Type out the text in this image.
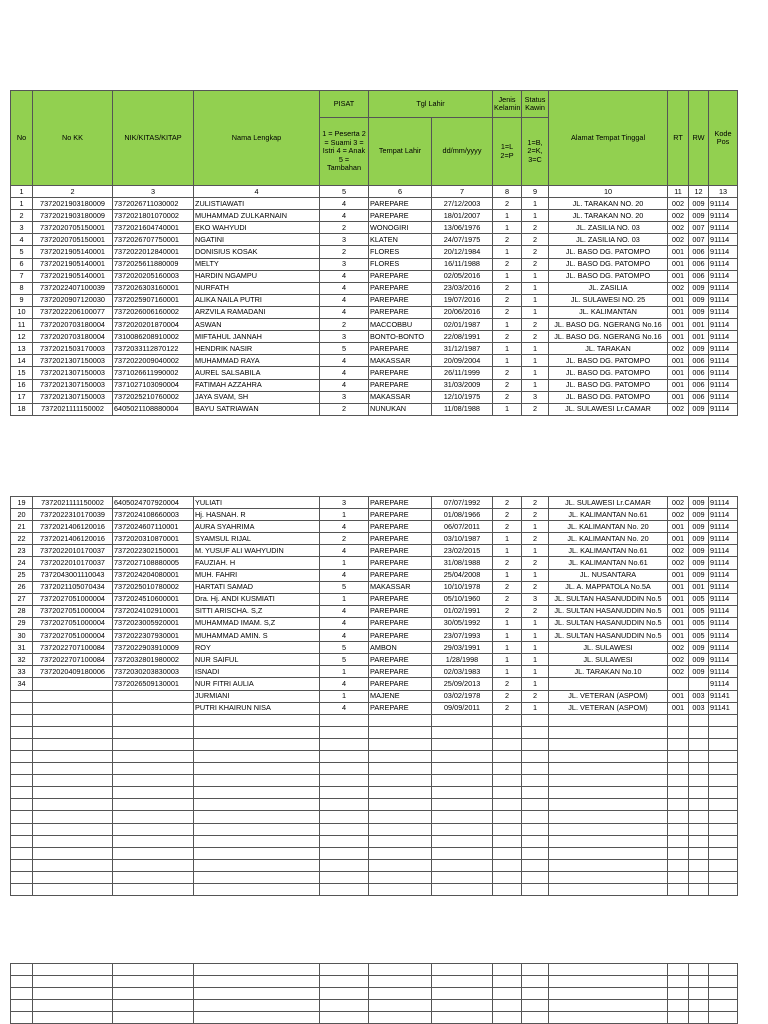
No	No KK	NIK/KITAS/KITAP	Nama Lengkap	PISAT	Tgl Lahir		Jenis Kelamin	Status Kawin	Alamat Tempat Tinggal	RT	RW	Kode Pos
				1 = Peserta 2 = Suami 3 = Istri 4 = Anak 5 = Tambahan	Tempat Lahir	dd/mm/yyyy	1=L 2=P	1=B, 2=K, 3=C				
1	2	3	4	5	6	7	8	9	10	11	12	13
1	7372021903180009	7372026711030002	ZULISTIAWATI	4	PAREPARE	27/12/2003	2	1	JL. TARAKAN NO. 20	002	009	91114
2	7372021903180009	7372021801070002	MUHAMMAD ZULKARNAIN	4	PAREPARE	18/01/2007	1	1	JL. TARAKAN NO. 20	002	009	91114
3	7372020705150001	7372021604740001	EKO WAHYUDI	2	WONOGIRI	13/06/1976	1	2	JL. ZASILIA NO. 03	002	007	91114
4	7372020705150001	7372026707750001	NGATINI	3	KLATEN	24/07/1975	2	2	JL. ZASILIA NO. 03	002	007	91114
5	7372021905140001	7372022012840001	DONISIUS KOSAK	2	FLORES	20/12/1984	1	2	JL. BASO DG. PATOMPO	001	006	91114
6	7372021905140001	7372025611880009	MELTY	3	FLORES	16/11/1988	2	2	JL. BASO DG. PATOMPO	001	006	91114
7	7372021905140001	7372020205160003	HARDIN NGAMPU	4	PAREPARE	02/05/2016	1	1	JL. BASO DG. PATOMPO	001	006	91114
8	7372022407100039	7372026303160001	NURFATH	4	PAREPARE	23/03/2016	2	1	JL. ZASILIA	002	009	91114
9	7372020907120030	7372025907160001	ALIKA NAILA PUTRI	4	PAREPARE	19/07/2016	2	1	JL. SULAWESI NO. 25	001	009	91114
10	7372022206100077	7372026006160002	ARZVILA RAMADANI	4	PAREPARE	20/06/2016	2	1	JL. KALIMANTAN	001	009	91114
11	7372020703180004	7372020201870004	ASWAN	2	MACCOBBU	02/01/1987	1	2	JL. BASO DG. NGERANG No.16	001	001	91114
12	7372020703180004	7310086208910002	MIFTAHUL JANNAH	3	BONTO-BONTO	22/08/1991	2	2	JL. BASO DG. NGERANG No.16	001	001	91114
13	7372021503170003	7372033112870122	HENDRIK NASIR	5	PAREPARE	31/12/1987	1	1	JL. TARAKAN	002	009	91114
14	7372021307150003	7372022009040002	MUHAMMAD RAYA	4	MAKASSAR	20/09/2004	1	1	JL. BASO DG. PATOMPO	001	006	91114
15	7372021307150003	7371026611990002	AUREL SALSABILA	4	PAREPARE	26/11/1999	2	1	JL. BASO DG. PATOMPO	001	006	91114
16	7372021307150003	7371027103090004	FATIMAH AZZAHRA	4	PAREPARE	31/03/2009	2	1	JL. BASO DG. PATOMPO	001	006	91114
17	7372021307150003	7372025210760002	JAYA SVAM, SH	3	MAKASSAR	12/10/1975	2	3	JL. BASO DG. PATOMPO	001	006	91114
18	7372021111150002	6405021108880004	BAYU SATRIAWAN	2	NUNUKAN	11/08/1988	1	2	JL. SULAWESI Lr.CAMAR	002	009	91114
19	7372021111150002	6405024707920004	YULIATI	3	PAREPARE	07/07/1992	2	2	JL. SULAWESI Lr.CAMAR	002	009	91114
20	7372022310170039	7372024108660003	Hj. HASNAH. R	1	PAREPARE	01/08/1966	2	2	JL. KALIMANTAN No.61	002	009	91114
21	7372021406120016	7372024607110001	AURA SYAHRIMA	4	PAREPARE	06/07/2011	2	1	JL. KALIMANTAN No. 20	001	009	91114
22	7372021406120016	7372020310870001	SYAMSUL RIJAL	2	PAREPARE	03/10/1987	1	2	JL. KALIMANTAN No. 20	001	009	91114
23	7372022010170037	7372022302150001	M. YUSUF ALI WAHYUDIN	4	PAREPARE	23/02/2015	1	1	JL. KALIMANTAN No.61	002	009	91114
24	7372022010170037	7372027108880005	FAUZIAH. H	1	PAREPARE	31/08/1988	2	2	JL. KALIMANTAN No.61	002	009	91114
25	7372043001110043	7372024204080001	MUH. FAHRI	4	PAREPARE	25/04/2008	1	1	JL. NUSANTARA	001	009	91114
26	7372021105070434	7372025010780002	HARTATI SAMAD	5	MAKASSAR	10/10/1978	2	2	JL. A. MAPPATOLA No.5A	001	001	91114
27	7372027051000004	7372024510600001	Dra. Hj. ANDI KUSMIATI	1	PAREPARE	05/10/1960	2	3	JL. SULTAN HASANUDDIN No.5	001	005	91114
28	7372027051000004	7372024102910001	SITTI ARISCHA. S,Z	4	PAREPARE	01/02/1991	2	2	JL. SULTAN HASANUDDIN No.5	001	005	91114
29	7372027051000004	7372023005920001	MUHAMMAD IMAM. S,Z	4	PAREPARE	30/05/1992	1	1	JL. SULTAN HASANUDDIN No.5	001	005	91114
30	7372027051000004	7372022307930001	MUHAMMAD AMIN. S	4	PAREPARE	23/07/1993	1	1	JL. SULTAN HASANUDDIN No.5	001	005	91114
31	7372022707100084	7372022903910009	ROY	5	AMBON	29/03/1991	1	1	JL. SULAWESI	002	009	91114
32	7372022707100084	7372032801980002	NUR SAIFUL	5	PAREPARE	1/28/1998	1	1	JL. SULAWESI	002	009	91114
33	7372020409180006	7372030203830003	ISNADI	1	PAREPARE	02/03/1983	1	1	JL. TARAKAN No.10	002	009	91114
34		7372026509130001	NUR FITRI AULIA	4	PAREPARE	25/09/2013	2	1				91114
			JURMIANI	1	MAJENE	03/02/1978	2	2	JL. VETERAN (ASPOM)	001	003	91141
			PUTRI KHAIRUN NISA	4	PAREPARE	09/09/2011	2	1	JL. VETERAN (ASPOM)	001	003	91141
